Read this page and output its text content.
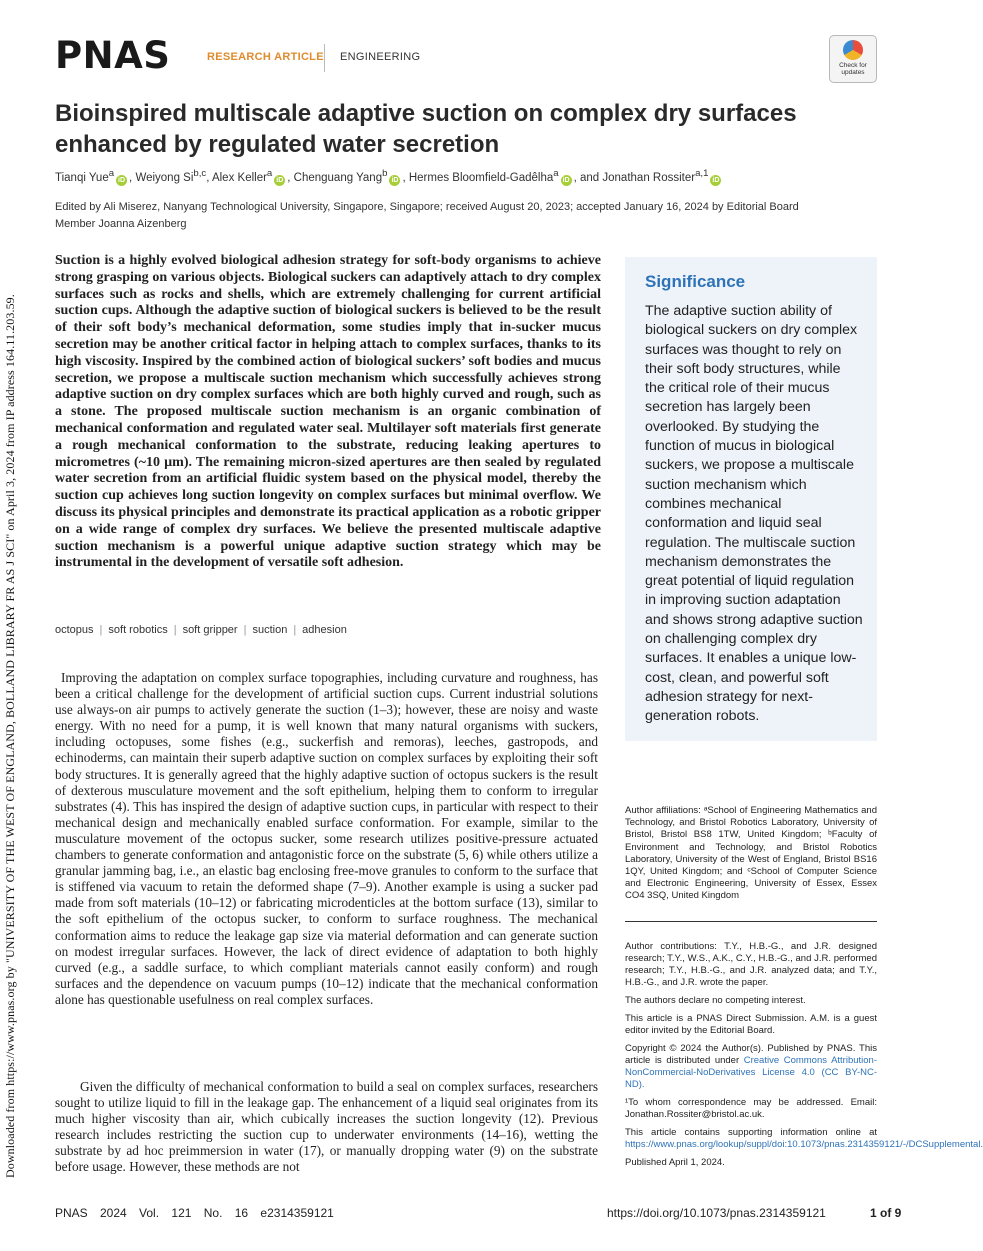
Downloaded from https://www.pnas.org by "UNIVERSITY OF THE WEST OF ENGLAND, BOLLAND LIBRARY FR AS J SCI" on April 3, 2024 from IP address 164.11.203.59.
PNAS	RESEARCH ARTICLE ENGINEERING
Check for updates
Bioinspired multiscale adaptive suction on complex dry surfaces enhanced by regulated water secretion
Tianqi Yue$^a$iD , Weiyong Si$^{b,c}$, Alex Keller$^a$iD , Chenguang Yang$^b$iD , Hermes Bloomfield-Gadêlha$^a$iD , and Jonathan Rossiter$^{a,1}$iD
Edited by Ali Miserez, Nanyang Technological University, Singapore, Singapore; received August 20, 2023; accepted January 16, 2024 by Editorial Board Member Joanna Aizenberg
Suction is a highly evolved biological adhesion strategy for soft-body organisms to achieve strong grasping on various objects. Biological suckers can adaptively attach to dry complex surfaces such as rocks and shells, which are extremely challenging for current artificial suction cups. Although the adaptive suction of biological suckers is believed to be the result of their soft body’s mechanical deformation, some studies imply that in-sucker mucus secretion may be another critical factor in helping attach to complex surfaces, thanks to its high viscosity. Inspired by the combined action of biological suckers’ soft bodies and mucus secretion, we propose a multiscale suction mechanism which successfully achieves strong adaptive suction on dry complex surfaces which are both highly curved and rough, such as a stone. The proposed multiscale suction mechanism is an organic combination of mechanical conformation and regulated water seal. Multilayer soft materials first generate a rough mechanical conformation to the substrate, reducing leaking apertures to micrometres (~10 µm). The remaining micron-sized apertures are then sealed by regulated water secretion from an artificial fluidic system based on the physical model, thereby the suction cup achieves long suction longevity on complex surfaces but minimal overflow. We discuss its physical principles and demonstrate its practical application as a robotic gripper on a wide range of complex dry surfaces. We believe the presented multiscale adaptive suction mechanism is a powerful unique adaptive suction strategy which may be instrumental in the development of versatile soft adhesion.
octopus | soft robotics | soft gripper | suction | adhesion
Improving the adaptation on complex surface topographies, including curvature and roughness, has been a critical challenge for the development of artificial suction cups. Current industrial solutions use always-on air pumps to actively generate the suction (1–3); however, these are noisy and waste energy. With no need for a pump, it is well known that many natural organisms with suckers, including octopuses, some fishes (e.g., suckerfish and remoras), leeches, gastropods, and echinoderms, can maintain their superb adaptive suction on complex surfaces by exploiting their soft body structures. It is generally agreed that the highly adaptive suction of octopus suckers is the result of dexterous musculature movement and the soft epithelium, helping them to conform to irregular substrates (4). This has inspired the design of adaptive suction cups, in particular with respect to their mechanical design and mechanically enabled surface conformation. For example, similar to the musculature movement of the octopus sucker, some research utilizes positive-pressure actuated chambers to generate conformation and antagonistic force on the substrate (5, 6) while others utilize a granular jamming bag, i.e., an elastic bag enclosing free-move granules to conform to the surface that is stiffened via vacuum to retain the deformed shape (7–9). Another example is using a sucker pad made from soft materials (10–12) or fabricating microdenticles at the bottom surface (13), similar to the soft epithelium of the octopus sucker, to conform to surface roughness. The mechanical conformation aims to reduce the leakage gap size via material deformation and can generate suction on modest irregular surfaces. However, the lack of direct evidence of adaptation to both highly curved (e.g., a saddle surface, to which compliant materials cannot easily conform) and rough surfaces and the dependence on vacuum pumps (10–12) indicate that the mechanical conformation alone has questionable usefulness on real complex surfaces.
Given the difficulty of mechanical conformation to build a seal on complex surfaces, researchers sought to utilize liquid to fill in the leakage gap. The enhancement of a liquid seal originates from its much higher viscosity than air, which cubically increases the suction longevity (12). Previous research includes restricting the suction cup to underwater environments (14–16), wetting the substrate by ad hoc preimmersion in water (17), or manually dropping water (9) on the substrate before usage. However, these methods are not
Significance
The adaptive suction ability of biological suckers on dry complex surfaces was thought to rely on their soft body structures, while the critical role of their mucus secretion has largely been overlooked. By studying the function of mucus in biological suckers, we propose a multiscale suction mechanism which combines mechanical conformation and liquid seal regulation. The multiscale suction mechanism demonstrates the great potential of liquid regulation in improving suction adaptation and shows strong adaptive suction on challenging complex dry surfaces. It enables a unique low-cost, clean, and powerful soft adhesion strategy for next-generation robots.
Author affiliations: ᵃSchool of Engineering Mathematics and Technology, and Bristol Robotics Laboratory, University of Bristol, Bristol BS8 1TW, United Kingdom; ᵇFaculty of Environment and Technology, and Bristol Robotics Laboratory, University of the West of England, Bristol BS16 1QY, United Kingdom; and ᶜSchool of Computer Science and Electronic Engineering, University of Essex, Essex CO4 3SQ, United Kingdom

Author contributions: T.Y., H.B.-G., and J.R. designed research; T.Y., W.S., A.K., C.Y., H.B.-G., and J.R. performed research; T.Y., H.B.-G., and J.R. analyzed data; and T.Y., H.B.-G., and J.R. wrote the paper.

The authors declare no competing interest.

This article is a PNAS Direct Submission. A.M. is a guest editor invited by the Editorial Board.

Copyright © 2024 the Author(s). Published by PNAS. This article is distributed under Creative Commons Attribution-NonCommercial-NoDerivatives License 4.0 (CC BY-NC-ND).

¹To whom correspondence may be addressed. Email: Jonathan.Rossiter@bristol.ac.uk.

This article contains supporting information online at https://www.pnas.org/lookup/suppl/doi:10.1073/pnas.2314359121/-/DCSupplemental.

Published April 1, 2024.

PNAS 2024 Vol. 121 No. 16 e2314359121	https://doi.org/10.1073/pnas.2314359121	1 of 9
